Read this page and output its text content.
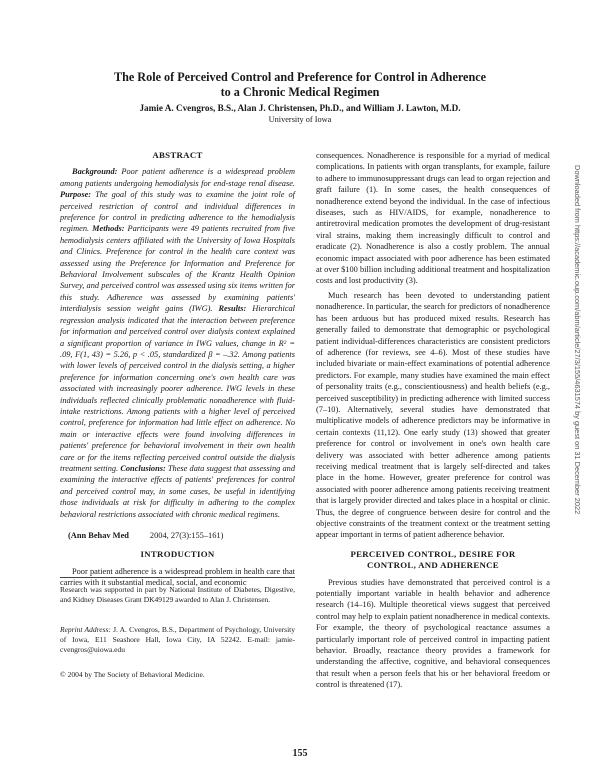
The Role of Perceived Control and Preference for Control in Adherence to a Chronic Medical Regimen
Jamie A. Cvengros, B.S., Alan J. Christensen, Ph.D., and William J. Lawton, M.D.
University of Iowa
ABSTRACT

Background: Poor patient adherence is a widespread problem among patients undergoing hemodialysis for end-stage renal disease. Purpose: The goal of this study was to examine the joint role of perceived restriction of control and individual differences in preference for control in predicting adherence to the hemodialysis regimen. Methods: Participants were 49 patients recruited from five hemodialysis centers affiliated with the University of Iowa Hospitals and Clinics. Preference for control in the health care context was assessed using the Preference for Information and Preference for Behavioral Involvement subscales of the Krantz Health Opinion Survey, and perceived control was assessed using six items written for this study. Adherence was assessed by examining patients' interdialysis session weight gains (IWG). Results: Hierarchical regression analysis indicated that the interaction between preference for information and perceived control over dialysis context explained a significant proportion of variance in IWG values, change in R² = .09, F(1, 43) = 5.26, p < .05, standardized β = –.32. Among patients with lower levels of perceived control in the dialysis setting, a higher preference for information concerning one's own health care was associated with increasingly poorer adherence. IWG levels in these individuals reflected clinically problematic nonadherence with fluid-intake restrictions. Among patients with a higher level of perceived control, preference for information had little effect on adherence. No main or interactive effects were found involving differences in patients' preference for behavioral involvement in their own health care or for the items reflecting perceived control outside the dialysis treatment setting. Conclusions: These data suggest that assessing and examining the interactive effects of patients' preferences for control and perceived control may, in some cases, be useful in identifying those individuals at risk for difficulty in adhering to the complex behavioral restrictions associated with chronic medical regimens.

(Ann Behav Med 2004, 27(3):155–161)
INTRODUCTION

Poor patient adherence is a widespread problem in health care that carries with it substantial medical, social, and economic

Research was supported in part by National Institute of Diabetes, Digestive, and Kidney Diseases Grant DK49129 awarded to Alan J. Christensen.
Reprint Address: J. A. Cvengros, B.S., Department of Psychology, University of Iowa, E11 Seashore Hall, Iowa City, IA 52242. E-mail: jamie-cvengros@uiowa.edu
© 2004 by The Society of Behavioral Medicine.

consequences. Nonadherence is responsible for a myriad of medical complications. In patients with organ transplants, for example, failure to adhere to immunosuppressant drugs can lead to organ rejection and graft failure (1). In some cases, the health consequences of nonadherence extend beyond the individual. In the case of infectious diseases, such as HIV/AIDS, for example, nonadherence to antiretroviral medication promotes the development of drug-resistant viral strains, making them increasingly difficult to control and eradicate (2). Nonadherence is also a costly problem. The annual economic impact associated with poor adherence has been estimated at over $100 billion including additional treatment and hospitalization costs and lost productivity (3).

Much research has been devoted to understanding patient nonadherence. In particular, the search for predictors of nonadherence has been arduous but has produced mixed results. Research has generally failed to demonstrate that demographic or psychological patient individual-differences characteristics are consistent predictors of adherence (for reviews, see 4–6). Most of these studies have included bivariate or main-effect examinations of potential adherence predictors. For example, many studies have examined the main effect of personality traits (e.g., conscientiousness) and health beliefs (e.g., perceived susceptibility) in predicting adherence with limited success (7–10). Alternatively, several studies have demonstrated that multiplicative models of adherence predictors may be informative in certain contexts (11,12). One early study (13) showed that greater preference for control or involvement in one's own health care delivery was associated with better adherence among patients receiving medical treatment that is largely self-directed and takes place in the home. However, greater preference for control was associated with poorer adherence among patients receiving treatment that is largely provider directed and takes place in a hospital or clinic. Thus, the degree of congruence between desire for control and the objective constraints of the treatment context or the treatment setting appear important in terms of patient adherence behavior.

PERCEIVED CONTROL, DESIRE FOR
CONTROL, AND ADHERENCE

Previous studies have demonstrated that perceived control is a potentially important variable in health behavior and adherence research (14–16). Multiple theoretical views suggest that perceived control may help to explain patient nonadherence in medical contexts. For example, the theory of psychological reactance assumes a particularly important role of perceived control in impacting patient behavior. Broadly, reactance theory provides a framework for understanding the affective, cognitive, and behavioral consequences that result when a person feels that his or her behavioral freedom or control is threatened (17).

155
Downloaded from https://academic.oup.com/abm/article/27/3/155/4631574 by guest on 31 December 2022
